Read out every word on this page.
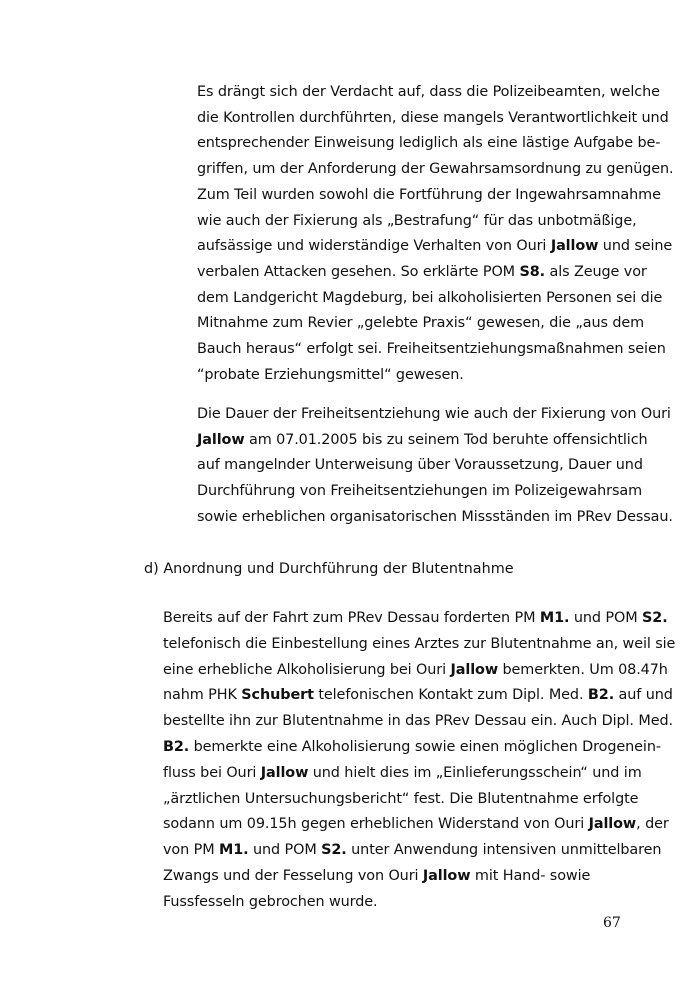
d) Anordnung und Durchführung der Blutentnahme
67
Es drängt sich der Verdacht auf, dass die Polizeibeamten, welche
die Kontrollen durchführten, diese mangels Verantwortlichkeit und
entsprechender Einweisung lediglich als eine lästige Aufgabe be-
griffen, um der Anforderung der Gewahrsamsordnung zu genügen.
Zum Teil wurden sowohl die Fortführung der Ingewahrsamnahme
wie auch der Fixierung als „Bestrafung“ für das unbotmäßige,
aufsässige und widerständige Verhalten von Ouri Jallow und seine
verbalen Attacken gesehen. So erklärte POM S8. als Zeuge vor
dem Landgericht Magdeburg, bei alkoholisierten Personen sei die
Mitnahme zum Revier „gelebte Praxis“ gewesen, die „aus dem
Bauch heraus“ erfolgt sei. Freiheitsentziehungsmaßnahmen seien
“probate Erziehungsmittel“ gewesen.
Die Dauer der Freiheitsentziehung wie auch der Fixierung von Ouri
Jallow am 07.01.2005 bis zu seinem Tod beruhte offensichtlich
auf mangelnder Unterweisung über Voraussetzung, Dauer und
Durchführung von Freiheitsentziehungen im Polizeigewahrsam
sowie erheblichen organisatorischen Missständen im PRev Dessau.
Bereits auf der Fahrt zum PRev Dessau forderten PM M1. und POM S2.
telefonisch die Einbestellung eines Arztes zur Blutentnahme an, weil sie
eine erhebliche Alkoholisierung bei Ouri Jallow bemerkten. Um 08.47h
nahm PHK Schubert telefonischen Kontakt zum Dipl. Med. B2. auf und
bestellte ihn zur Blutentnahme in das PRev Dessau ein. Auch Dipl. Med.
B2. bemerkte eine Alkoholisierung sowie einen möglichen Drogenein-
fluss bei Ouri Jallow und hielt dies im „Einlieferungsschein“ und im
„ärztlichen Untersuchungsbericht“ fest. Die Blutentnahme erfolgte
sodann um 09.15h gegen erheblichen Widerstand von Ouri Jallow, der
von PM M1. und POM S2. unter Anwendung intensiven unmittelbaren
Zwangs und der Fesselung von Ouri Jallow mit Hand- sowie
Fussfesseln gebrochen wurde.
